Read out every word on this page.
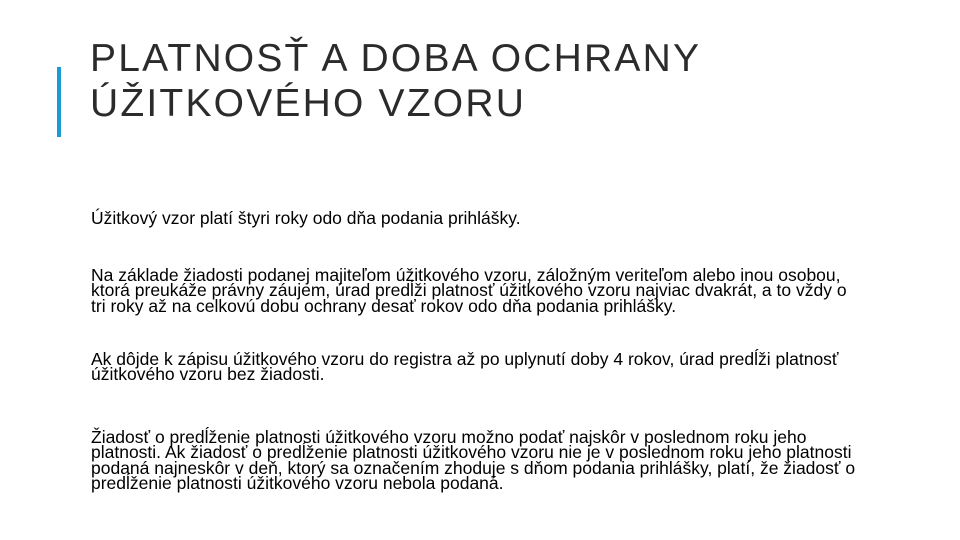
PLATNOSŤ A DOBA OCHRANY
ÚŽITKOVÉHO VZORU

Úžitkový vzor platí štyri roky odo dňa podania prihlášky.

Na základe žiadosti podanej majiteľom úžitkového vzoru, záložným veriteľom alebo inou osobou, ktorá preukáže právny záujem, úrad predĺži platnosť úžitkového vzoru najviac dvakrát, a to vždy o tri roky až na celkovú dobu ochrany desať rokov odo dňa podania prihlášky.

Ak dôjde k zápisu úžitkového vzoru do registra až po uplynutí doby 4 rokov, úrad predĺži platnosť úžitkového vzoru bez žiadosti.

Žiadosť o predĺženie platnosti úžitkového vzoru možno podať najskôr v poslednom roku jeho platnosti. Ak žiadosť o predĺženie platnosti úžitkového vzoru nie je v poslednom roku jeho platnosti podaná najneskôr v deň, ktorý sa označením zhoduje s dňom podania prihlášky, platí, že žiadosť o predĺženie platnosti úžitkového vzoru nebola podaná.
